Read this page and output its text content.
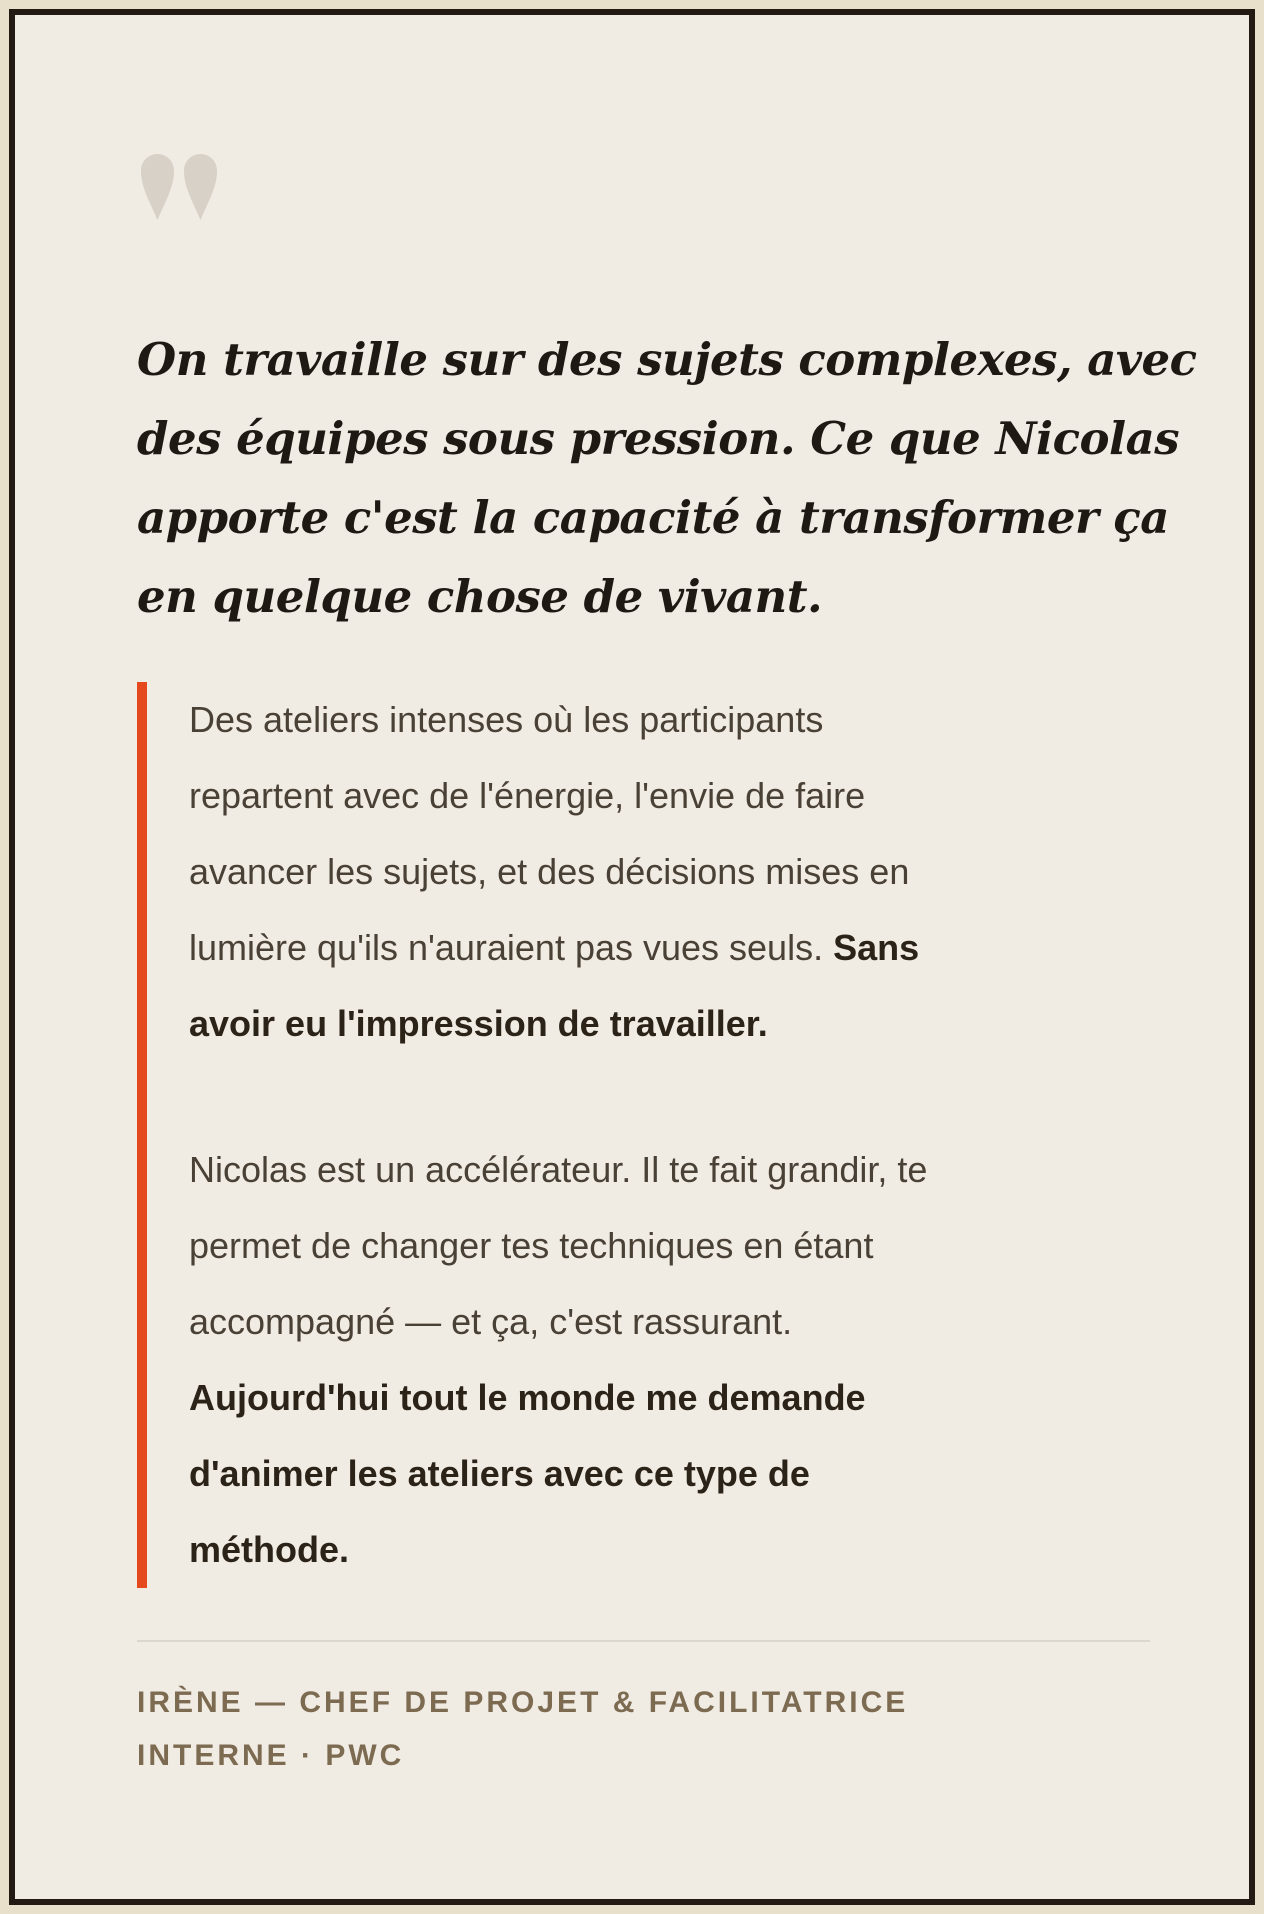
On travaille sur des sujets complexes, avec
des équipes sous pression. Ce que Nicolas
apporte c'est la capacité à transformer ça
en quelque chose de vivant.

Des ateliers intenses où les participants
repartent avec de l'énergie, l'envie de faire
avancer les sujets, et des décisions mises en
lumière qu'ils n'auraient pas vues seuls. Sans
avoir eu l'impression de travailler.

Nicolas est un accélérateur. Il te fait grandir, te
permet de changer tes techniques en étant
accompagné — et ça, c'est rassurant.
Aujourd'hui tout le monde me demande
d'animer les ateliers avec ce type de
méthode.

IRÈNE — CHEF DE PROJET & FACILITATRICE
INTERNE · PWC
